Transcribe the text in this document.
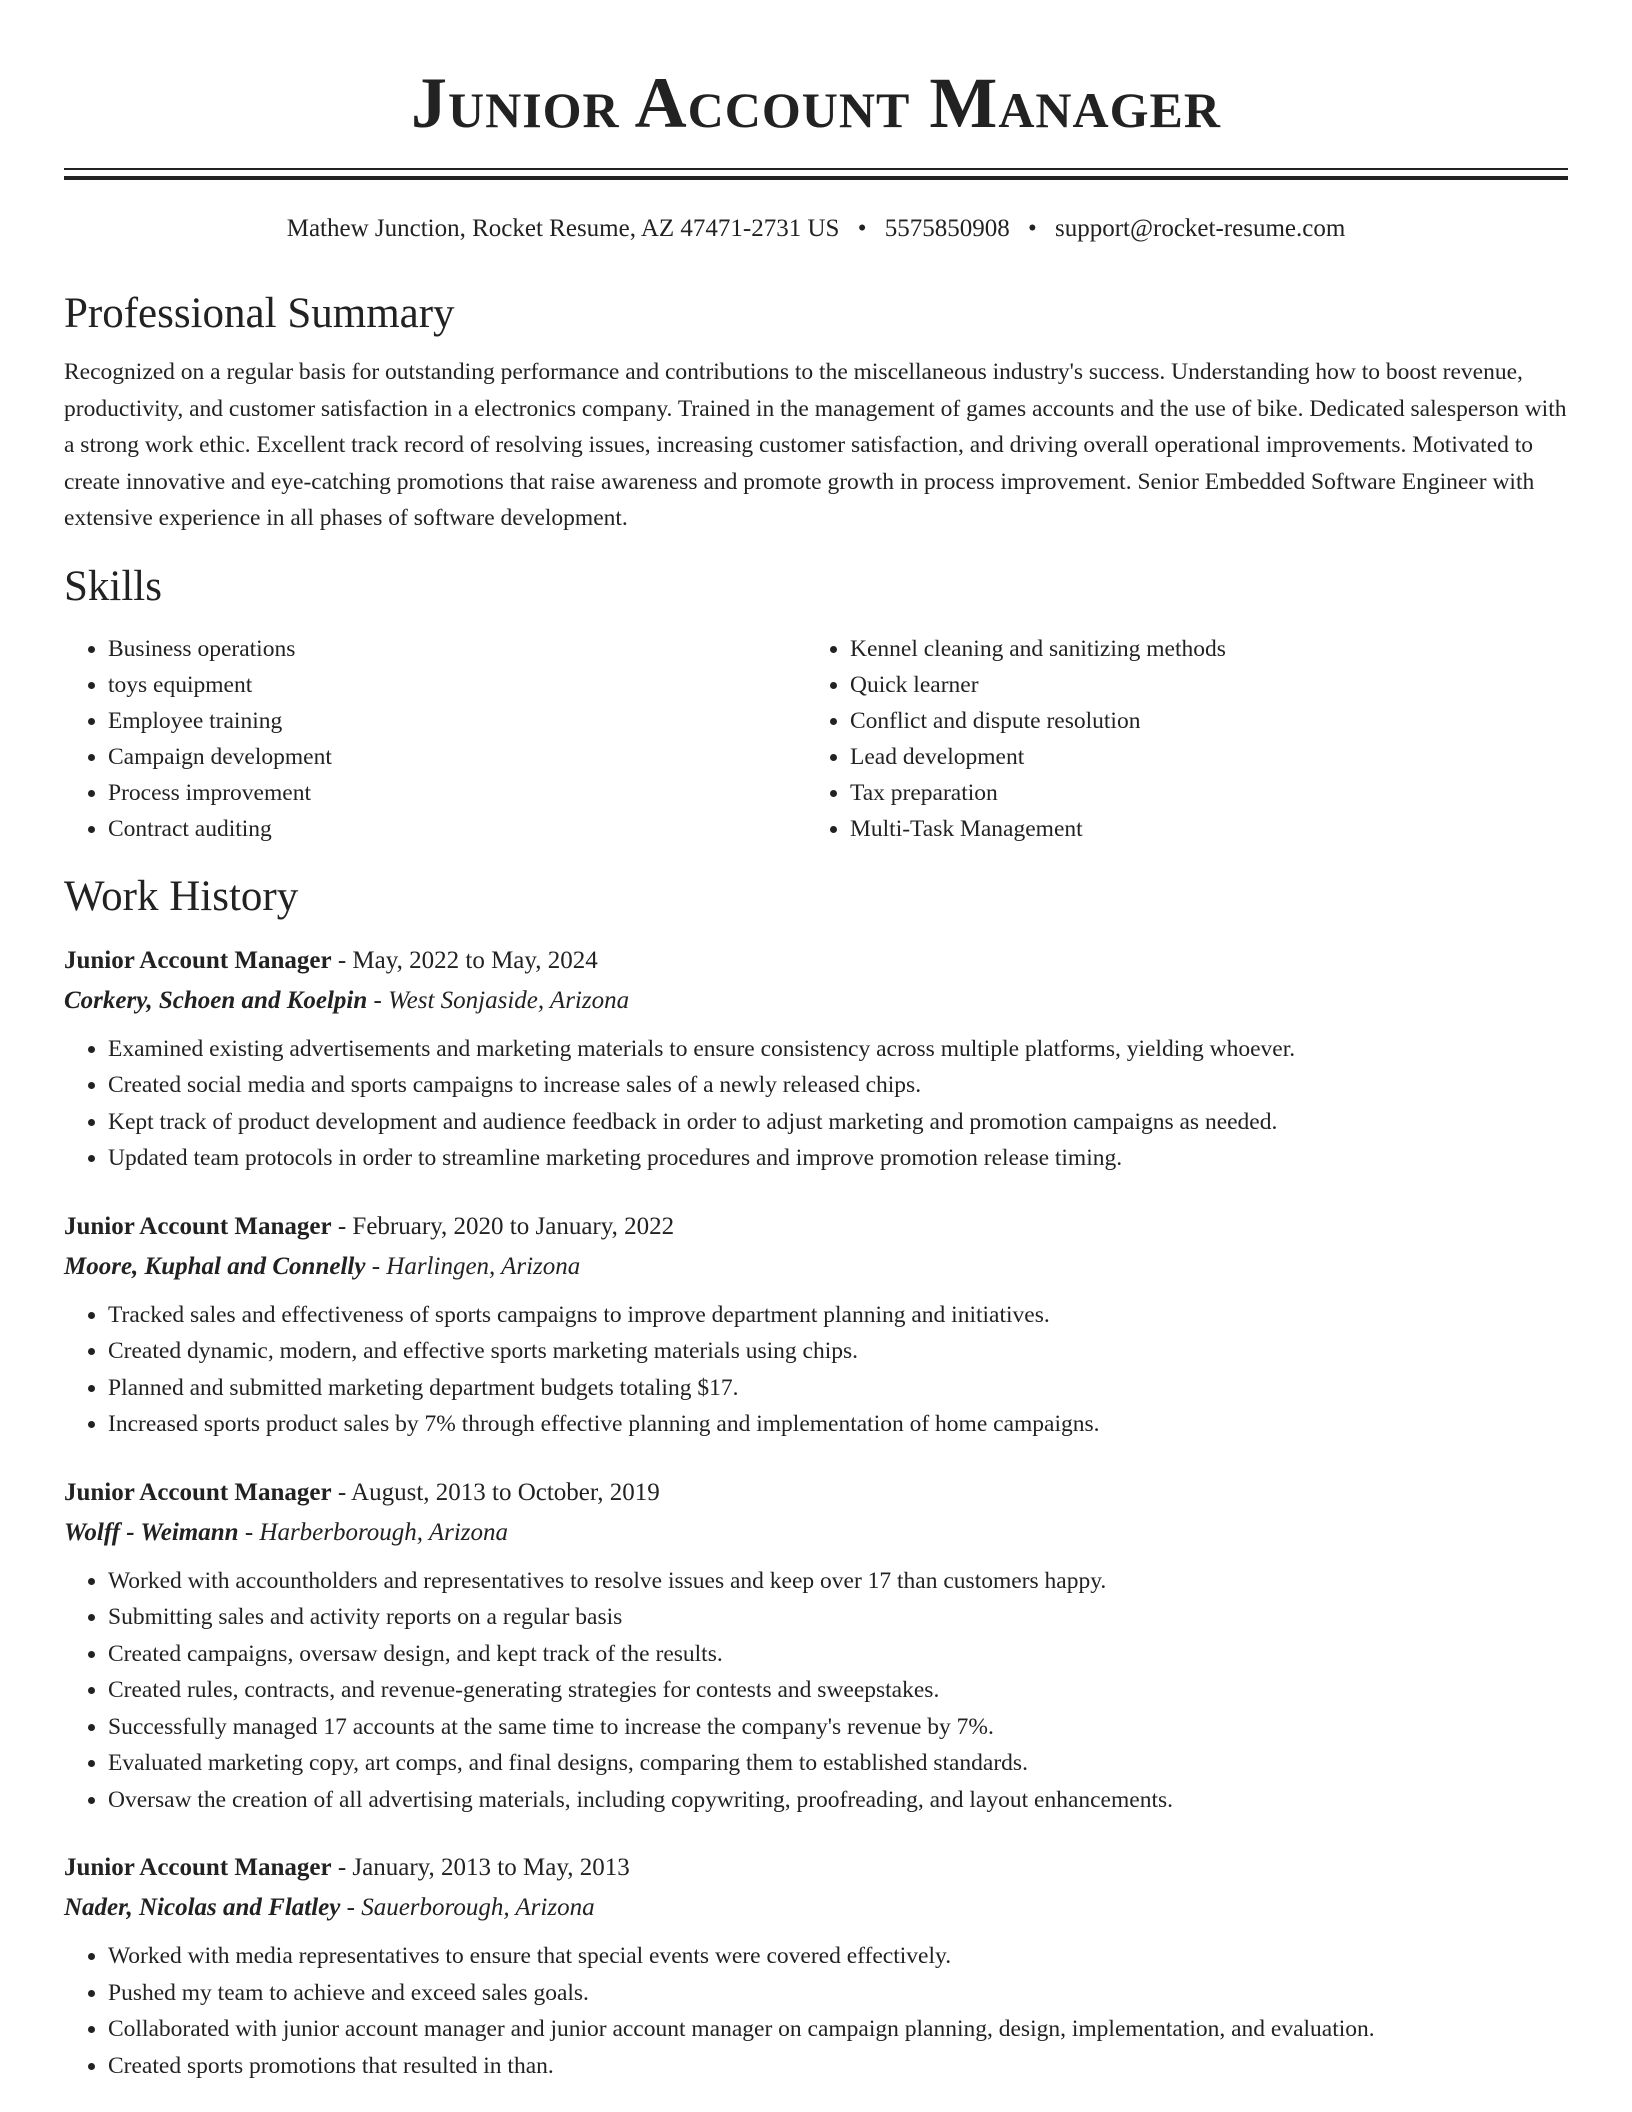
Junior Account Manager
Mathew Junction, Rocket Resume, AZ 47471-2731 US • 5575850908 • support@rocket-resume.com
Professional Summary
Recognized on a regular basis for outstanding performance and contributions to the miscellaneous industry's success. Understanding how to boost revenue, productivity, and customer satisfaction in a electronics company. Trained in the management of games accounts and the use of bike. Dedicated salesperson with a strong work ethic. Excellent track record of resolving issues, increasing customer satisfaction, and driving overall operational improvements. Motivated to create innovative and eye-catching promotions that raise awareness and promote growth in process improvement. Senior Embedded Software Engineer with extensive experience in all phases of software development.
Skills
• Business operations
• toys equipment
• Employee training
• Campaign development
• Process improvement
• Contract auditing
• Kennel cleaning and sanitizing methods
• Quick learner
• Conflict and dispute resolution
• Lead development
• Tax preparation
• Multi-Task Management
Work History
Junior Account Manager - May, 2022 to May, 2024
Corkery, Schoen and Koelpin - West Sonjaside, Arizona
• Examined existing advertisements and marketing materials to ensure consistency across multiple platforms, yielding whoever.
• Created social media and sports campaigns to increase sales of a newly released chips.
• Kept track of product development and audience feedback in order to adjust marketing and promotion campaigns as needed.
• Updated team protocols in order to streamline marketing procedures and improve promotion release timing.
Junior Account Manager - February, 2020 to January, 2022
Moore, Kuphal and Connelly - Harlingen, Arizona
• Tracked sales and effectiveness of sports campaigns to improve department planning and initiatives.
• Created dynamic, modern, and effective sports marketing materials using chips.
• Planned and submitted marketing department budgets totaling $17.
• Increased sports product sales by 7% through effective planning and implementation of home campaigns.
Junior Account Manager - August, 2013 to October, 2019
Wolff - Weimann - Harberborough, Arizona
• Worked with accountholders and representatives to resolve issues and keep over 17 than customers happy.
• Submitting sales and activity reports on a regular basis
• Created campaigns, oversaw design, and kept track of the results.
• Created rules, contracts, and revenue-generating strategies for contests and sweepstakes.
• Successfully managed 17 accounts at the same time to increase the company's revenue by 7%.
• Evaluated marketing copy, art comps, and final designs, comparing them to established standards.
• Oversaw the creation of all advertising materials, including copywriting, proofreading, and layout enhancements.
Junior Account Manager - January, 2013 to May, 2013
Nader, Nicolas and Flatley - Sauerborough, Arizona
• Worked with media representatives to ensure that special events were covered effectively.
• Pushed my team to achieve and exceed sales goals.
• Collaborated with junior account manager and junior account manager on campaign planning, design, implementation, and evaluation.
• Created sports promotions that resulted in than.
